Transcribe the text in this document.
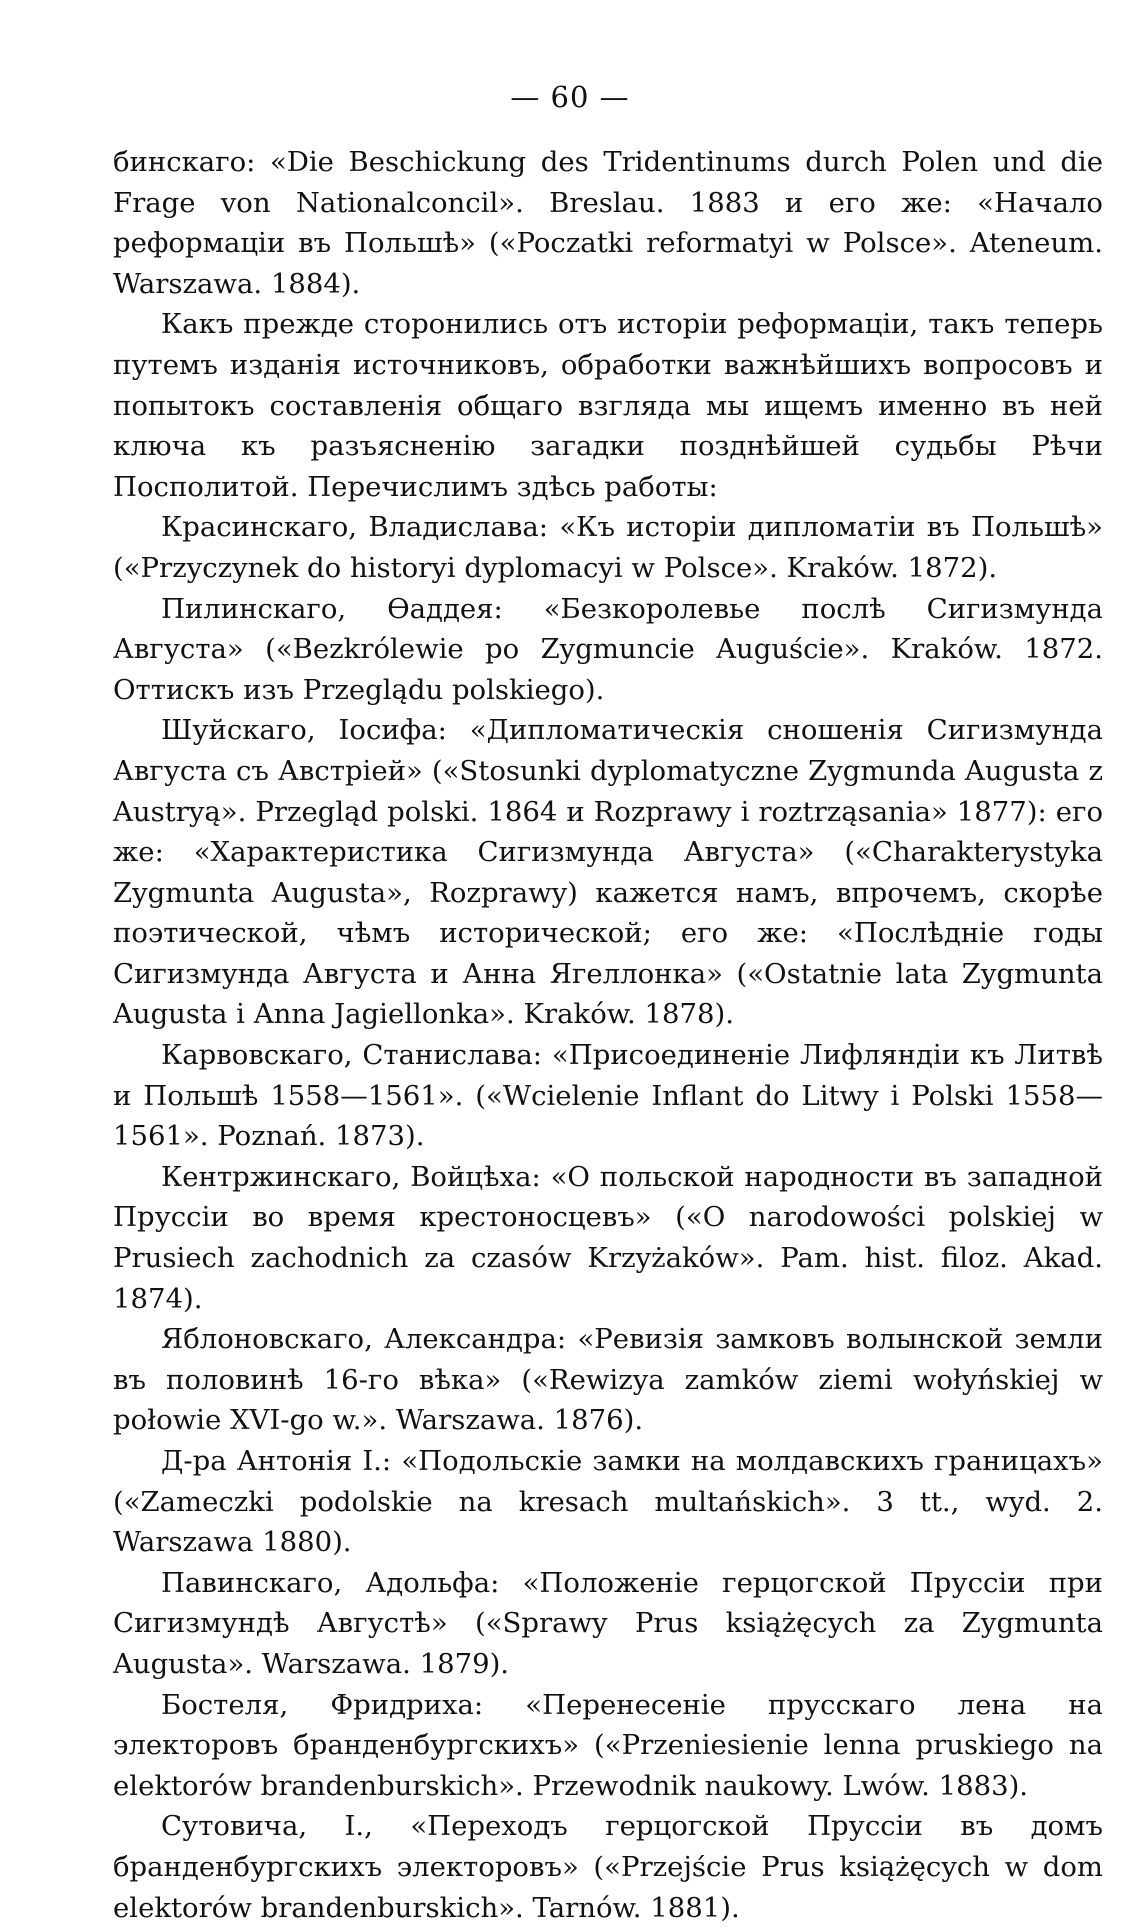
— 60 —

бинскаго: «Die Beschickung des Tridentinums durch Polen und die Frage von Nationalconcil». Breslau. 1883 и его же: «Начало реформаціи въ Польшѣ» («Poczatki reformatyi w Polsce». Ateneum. Warszawa. 1884).

Какъ прежде сторонились отъ исторіи реформаціи, такъ теперь путемъ изданія источниковъ, обработки важнѣйшихъ вопросовъ и попытокъ составленія общаго взгляда мы ищемъ именно въ ней ключа къ разъясненію загадки позднѣйшей судьбы Рѣчи Посполитой. Перечислимъ здѣсь работы:

Красинскаго, Владислава: «Къ исторіи дипломатіи въ Польшѣ» («Przyczynek do historyi dyplomacyi w Polsce». Kraków. 1872).

Пилинскаго, Өаддея: «Безкоролевье послѣ Сигизмунда Августа» («Bezkrólewie po Zygmuncie Auguście». Kraków. 1872. Оттискъ изъ Przeglądu polskiego).

Шуйскаго, Іосифа: «Дипломатическія сношенія Сигизмунда Августа съ Австріей» («Stosunki dyplomatyczne Zygmunda Augusta z Austryą». Przegląd polski. 1864 и Rozprawy i roztrząsania» 1877): его же: «Характеристика Сигизмунда Августа» («Charakterystyka Zygmunta Augusta», Rozprawy) кажется намъ, впрочемъ, скорѣе поэтической, чѣмъ исторической; его же: «Послѣдніе годы Сигизмунда Августа и Анна Ягеллонка» («Ostatnie lata Zygmunta Augusta i Anna Jagiellonka». Kraków. 1878).

Карвовскаго, Станислава: «Присоединеніе Лифляндіи къ Литвѣ и Польшѣ 1558—1561». («Wcielenie Inflant do Litwy i Polski 1558—1561». Poznań. 1873).

Кентржинскаго, Войцѣха: «О польской народности въ западной Пруссіи во время крестоносцевъ» («O narodowości polskiej w Prusiech zachodnich za czasów Krzyżaków». Pam. hist. filoz. Akad. 1874).

Яблоновскаго, Александра: «Ревизія замковъ волынской земли въ половинѣ 16-го вѣка» («Rewizya zamków ziemi wołyńskiej w połowie XVI-go w.». Warszawa. 1876).

Д-ра Антонія І.: «Подольскіе замки на молдавскихъ границахъ» («Zameczki podolskie na kresach multańskich». 3 tt., wyd. 2. Warszawa 1880).

Павинскаго, Адольфа: «Положеніе герцогской Пруссіи при Сигизмундѣ Августѣ» («Sprawy Prus książęcych za Zygmunta Augusta». Warszawa. 1879).

Бостеля, Фридриха: «Перенесеніе прусскаго лена на электоровъ бранденбургскихъ» («Przeniesienie lenna pruskiego na elektorów brandenburskich». Przewodnik naukowy. Lwów. 1883).

Сутовича, І., «Переходъ герцогской Пруссіи въ домъ бранденбургскихъ электоровъ» («Przejście Prus książęcych w dom elektorów brandenburskich». Tarnów. 1881).
